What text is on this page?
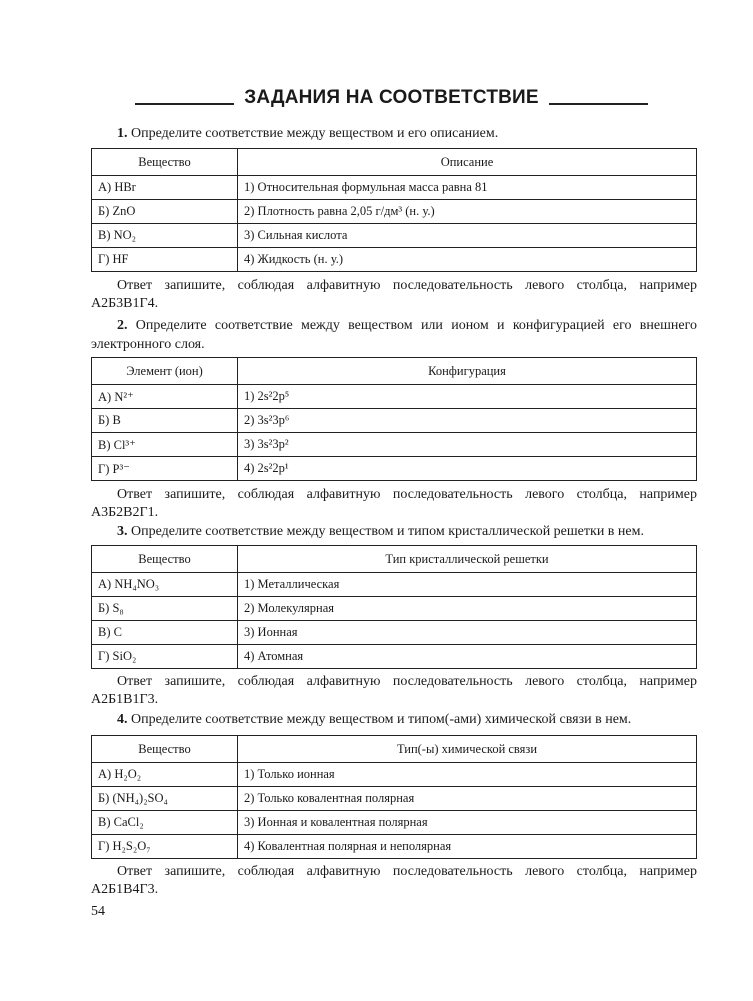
ЗАДАНИЯ НА СООТВЕТСТВИЕ
1. Определите соответствие между веществом и его описанием.
Вещество	Описание
А) HBr	1) Относительная формульная масса равна 81
Б) ZnO	2) Плотность равна 2,05 г/дм³ (н. у.)
В) NO₂	3) Сильная кислота
Г) HF	4) Жидкость (н. у.)
Ответ запишите, соблюдая алфавитную последовательность левого столбца, например А2Б3В1Г4.
2. Определите соответствие между веществом или ионом и конфигурацией его внешнего электронного слоя.
Элемент (ион)	Конфигурация
А) N²⁺	1) 2s²2p⁵
Б) B	2) 3s²3p⁶
В) Cl³⁺	3) 3s²3p²
Г) P³⁻	4) 2s²2p¹
Ответ запишите, соблюдая алфавитную последовательность левого столбца, например А3Б2В2Г1.
3. Определите соответствие между веществом и типом кристаллической решетки в нем.
Вещество	Тип кристаллической решетки
А) NH₄NO₃	1) Металлическая
Б) S₈	2) Молекулярная
В) C	3) Ионная
Г) SiO₂	4) Атомная
Ответ запишите, соблюдая алфавитную последовательность левого столбца, например А2Б1В1Г3.
4. Определите соответствие между веществом и типом(-ами) химической связи в нем.
Вещество	Тип(-ы) химической связи
А) H₂O₂	1) Только ионная
Б) (NH₄)₂SO₄	2) Только ковалентная полярная
В) CaCl₂	3) Ионная и ковалентная полярная
Г) H₂S₂O₇	4) Ковалентная полярная и неполярная
Ответ запишите, соблюдая алфавитную последовательность левого столбца, например А2Б1В4Г3.
54
